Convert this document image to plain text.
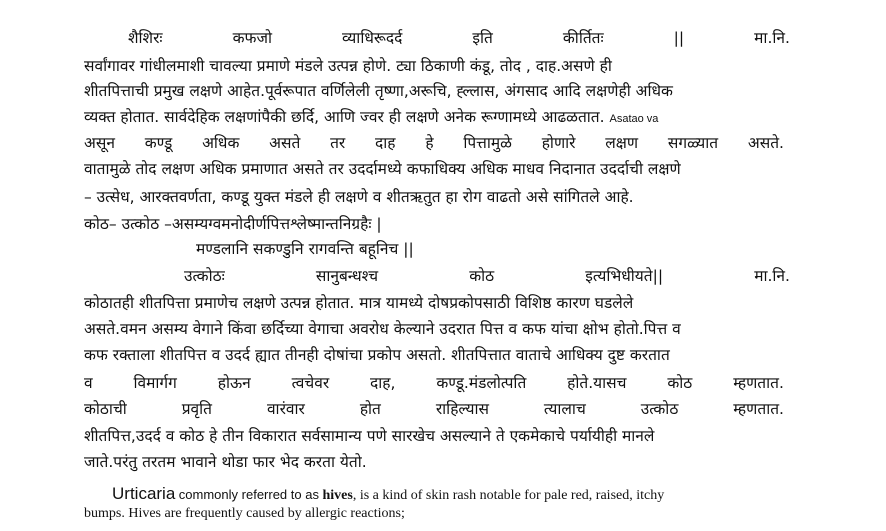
शैशिरः	कफजो	व्याधिरूदर्द	इति	कीर्तितः	||	मा.नि.
सर्वांगावर गांधीलमाशी चावल्या प्रमाणे मंडले उत्पन्न होणे. ट्या ठिकाणी कंडू, तोद , दाह.असणे ही
शीतपित्ताची प्रमुख लक्षणे आहेत.पूर्वरूपात वर्णिलेली तृष्णा,अरूचि, ह्ल्लास, अंगसाद आदि लक्षणेही अधिक
व्यक्त होतात. सार्वदेहिक लक्षणांपैकी छर्दि, आणि ज्वर ही लक्षणे अनेक रूग्णामध्ये आढळतात. Asatao va
असून कण्डू अधिक असते तर दाह हे पित्तामुळे होणारे लक्षण सगळ्यात असते.
वातामुळे तोद लक्षण अधिक प्रमाणात असते तर उदर्दामध्ये कफाधिक्य अधिक माधव निदानात उदर्दाची लक्षणे
– उत्सेध, आरक्तवर्णता, कण्डू युक्त मंडले ही लक्षणे व शीतऋतुत हा रोग वाढतो असे सांगितले आहे.
कोठ– उत्कोठ –असम्यग्वमनोदीर्णपित्तश्लेष्मान्तनिग्रहैः |
मण्डलानि सकण्डुनि रागवन्ति बहूनिच ||
उत्कोठः	सानुबन्धश्च	कोठ	इत्यभिधीयते||	मा.नि.
कोठातही शीतपित्ता प्रमाणेच लक्षणे उत्पन्न होतात. मात्र यामध्ये दोषप्रकोपसाठी विशिष्ठ कारण घडलेले
असते.वमन असम्य वेगाने किंवा छर्दिच्या वेगाचा अवरोध केल्याने उदरात पित्त व कफ यांचा क्षोभ होतो.पित्त व
कफ रक्ताला शीतपित्त व उदर्द ह्यात तीनही दोषांचा प्रकोप असतो. शीतपित्तात वाताचे आधिक्य दुष्ट करतात
व	विमार्गग	होऊन	त्वचेवर	दाह,	कण्डू.मंडलोत्पति	होते.यासच	कोठ	म्हणतात.
कोठाची	प्रवृति	वारंवार	होत	राहिल्यास	त्यालाच	उत्कोठ	म्हणतात.
शीतपित्त,उदर्द व कोठ हे तीन विकारात सर्वसामान्य पणे सारखेच असल्याने ते एकमेकाचे पर्यायीही मानले
जाते.परंतु तरतम भावाने थोडा फार भेद करता येतो.
Urticaria commonly referred to as hives, is a kind of skin rash notable for pale red, raised, itchy
bumps. Hives are frequently caused by allergic reactions;
